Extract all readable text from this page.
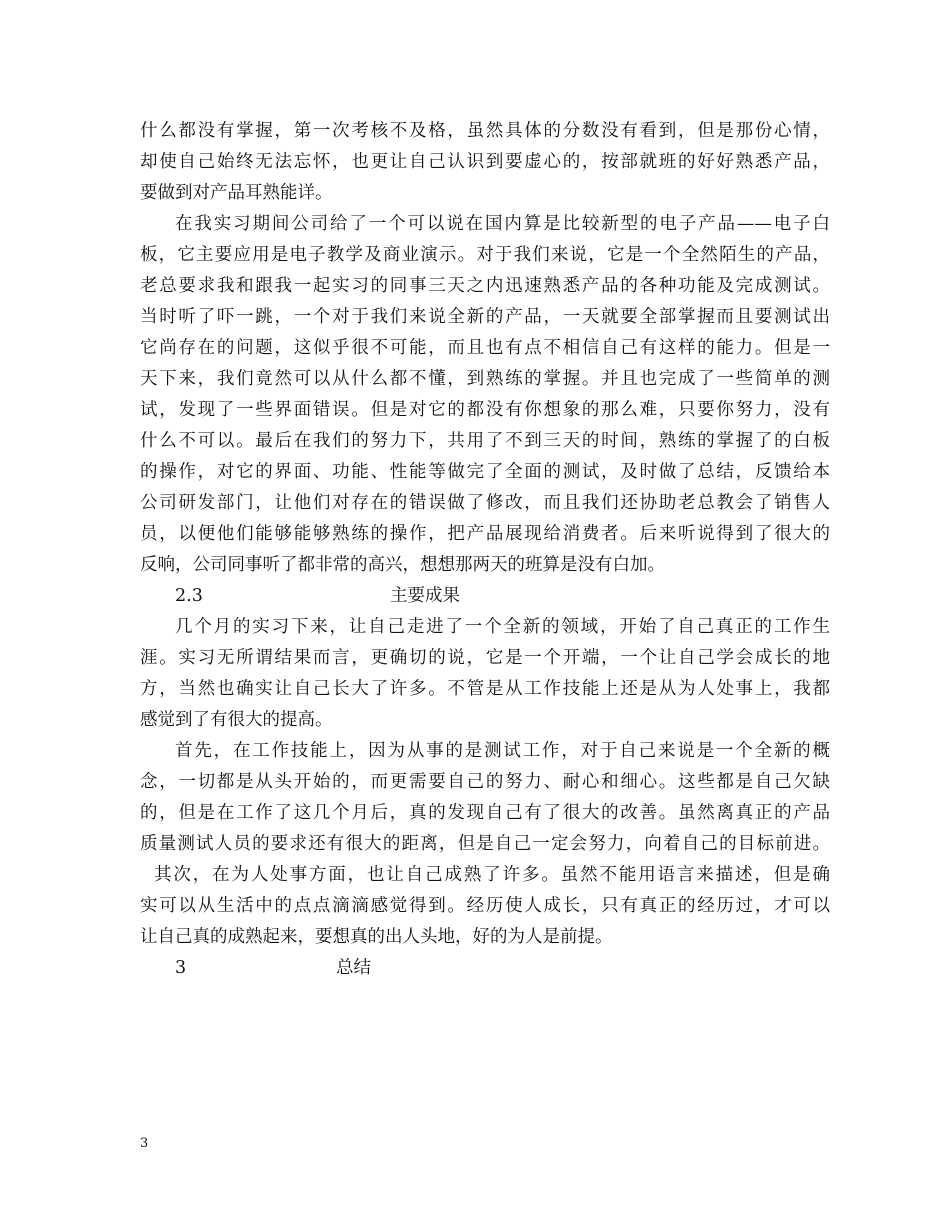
什么都没有掌握，第一次考核不及格，虽然具体的分数没有看到，但是那份心情，
却使自己始终无法忘怀，也更让自己认识到要虚心的，按部就班的好好熟悉产品，
要做到对产品耳熟能详。
在我实习期间公司给了一个可以说在国内算是比较新型的电子产品——电子白
板，它主要应用是电子教学及商业演示。对于我们来说，它是一个全然陌生的产品，
老总要求我和跟我一起实习的同事三天之内迅速熟悉产品的各种功能及完成测试。
当时听了吓一跳，一个对于我们来说全新的产品，一天就要全部掌握而且要测试出
它尚存在的问题，这似乎很不可能，而且也有点不相信自己有这样的能力。但是一
天下来，我们竟然可以从什么都不懂，到熟练的掌握。并且也完成了一些简单的测
试，发现了一些界面错误。但是对它的都没有你想象的那么难，只要你努力，没有
什么不可以。最后在我们的努力下，共用了不到三天的时间，熟练的掌握了的白板
的操作，对它的界面、功能、性能等做完了全面的测试，及时做了总结，反馈给本
公司研发部门，让他们对存在的错误做了修改，而且我们还协助老总教会了销售人
员，以便他们能够能够熟练的操作，把产品展现给消费者。后来听说得到了很大的
反响，公司同事听了都非常的高兴，想想那两天的班算是没有白加。
2.3	主要成果
几个月的实习下来，让自己走进了一个全新的领域，开始了自己真正的工作生
涯。实习无所谓结果而言，更确切的说，它是一个开端，一个让自己学会成长的地
方，当然也确实让自己长大了许多。不管是从工作技能上还是从为人处事上，我都
感觉到了有很大的提高。
首先，在工作技能上，因为从事的是测试工作，对于自己来说是一个全新的概
念，一切都是从头开始的，而更需要自己的努力、耐心和细心。这些都是自己欠缺
的，但是在工作了这几个月后，真的发现自己有了很大的改善。虽然离真正的产品
质量测试人员的要求还有很大的距离，但是自己一定会努力，向着自己的目标前进。
其次，在为人处事方面，也让自己成熟了许多。虽然不能用语言来描述，但是确
实可以从生活中的点点滴滴感觉得到。经历使人成长，只有真正的经历过，才可以
让自己真的成熟起来，要想真的出人头地，好的为人是前提。
3	总结
3
